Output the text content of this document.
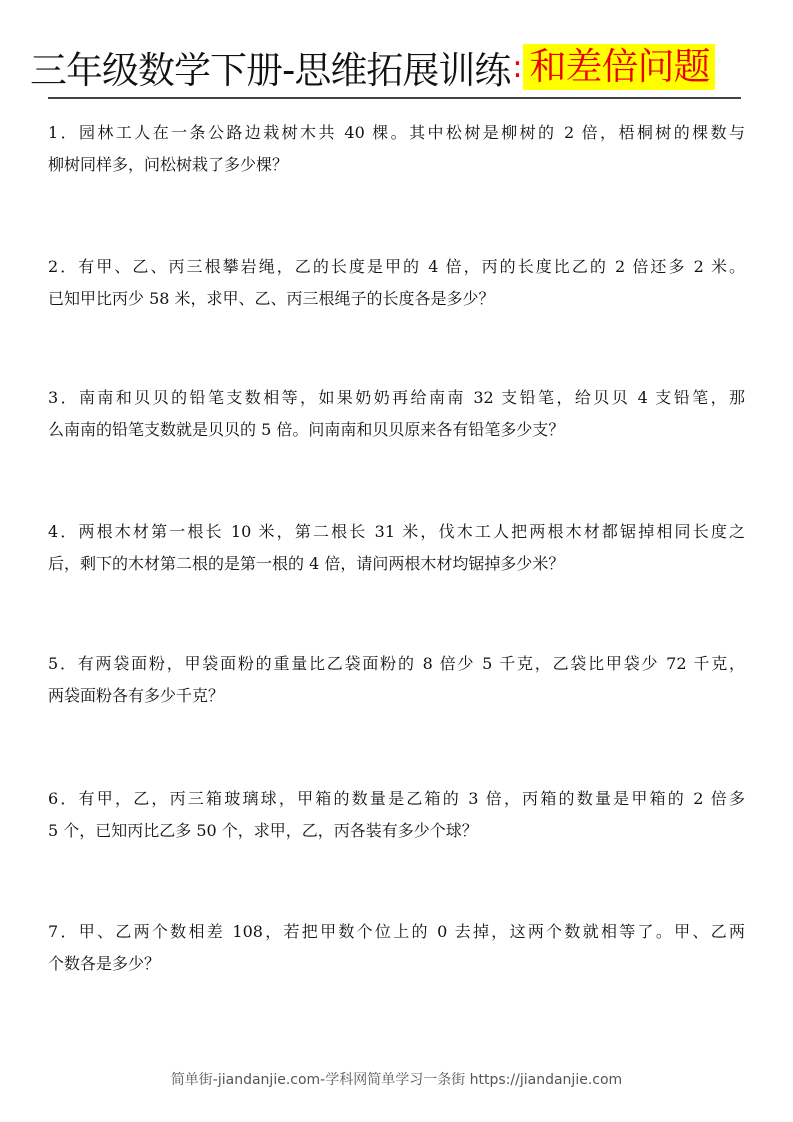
三年级数学下册-思维拓展训练 : 和差倍问题
1．园林工人在一条公路边栽树木共 40 棵。其中松树是柳树的 2 倍，梧桐树的棵数与
柳树同样多，问松树栽了多少棵？
2．有甲、乙、丙三根攀岩绳，乙的长度是甲的 4 倍，丙的长度比乙的 2 倍还多 2 米。
已知甲比丙少 58 米，求甲、乙、丙三根绳子的长度各是多少？
3．南南和贝贝的铅笔支数相等，如果奶奶再给南南 32 支铅笔，给贝贝 4 支铅笔，那
么南南的铅笔支数就是贝贝的 5 倍。问南南和贝贝原来各有铅笔多少支？
4．两根木材第一根长 10 米，第二根长 31 米，伐木工人把两根木材都锯掉相同长度之
后，剩下的木材第二根的是第一根的 4 倍，请问两根木材均锯掉多少米？
5．有两袋面粉，甲袋面粉的重量比乙袋面粉的 8 倍少 5 千克，乙袋比甲袋少 72 千克，
两袋面粉各有多少千克？
6．有甲，乙，丙三箱玻璃球，甲箱的数量是乙箱的 3 倍，丙箱的数量是甲箱的 2 倍多
5 个，已知丙比乙多 50 个，求甲，乙，丙各装有多少个球？
7．甲、乙两个数相差 108，若把甲数个位上的 0 去掉，这两个数就相等了。甲、乙两
个数各是多少？
简单街-jiandanjie.com-学科网简单学习一条街 https://jiandanjie.com
